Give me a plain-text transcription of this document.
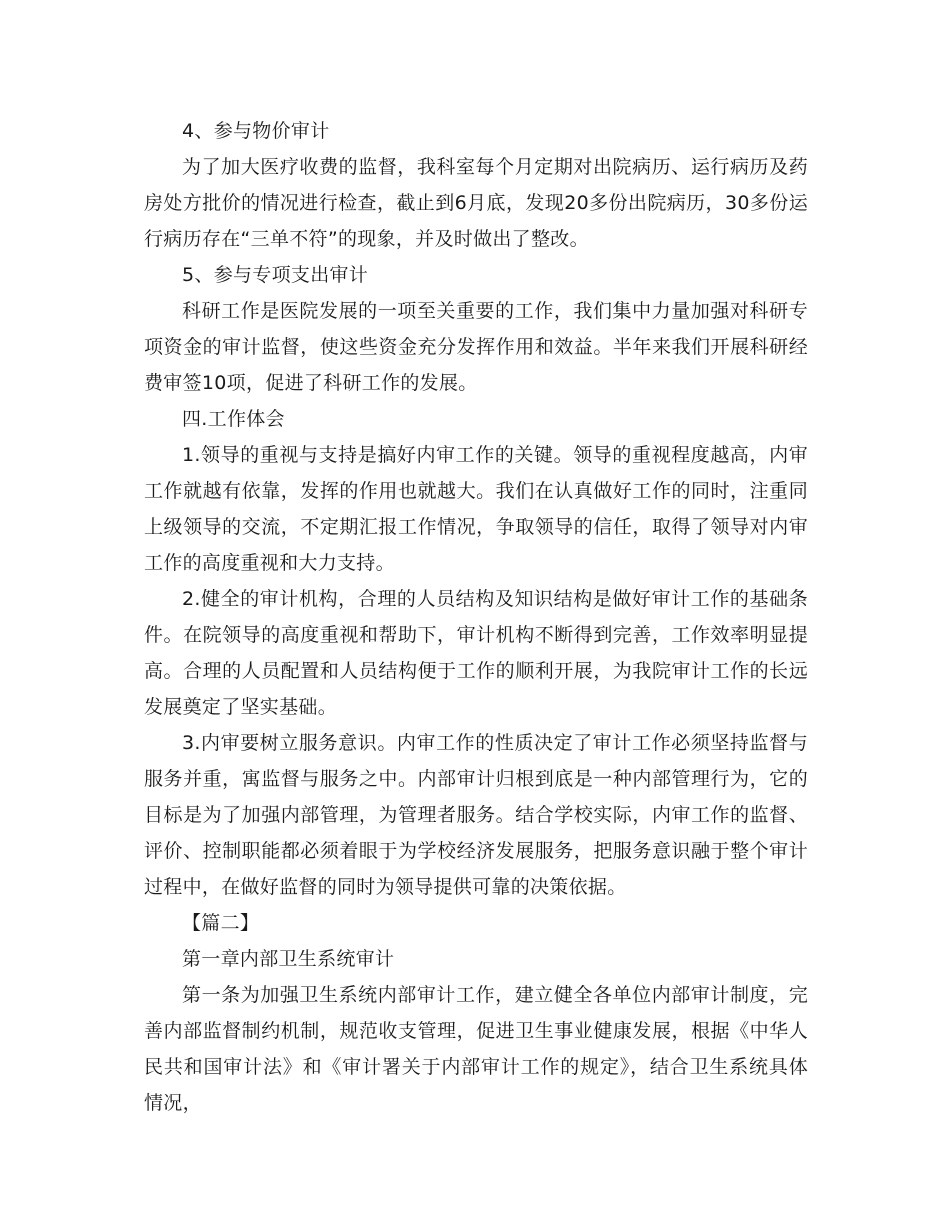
4、参与物价审计

为了加大医疗收费的监督，我科室每个月定期对出院病历、运行病历及药房处方批价的情况进行检查，截止到6月底，发现20多份出院病历，30多份运行病历存在“三单不符”的现象，并及时做出了整改。

5、参与专项支出审计

科研工作是医院发展的一项至关重要的工作，我们集中力量加强对科研专项资金的审计监督，使这些资金充分发挥作用和效益。半年来我们开展科研经费审签10项，促进了科研工作的发展。

四.工作体会

1.领导的重视与支持是搞好内审工作的关键。领导的重视程度越高，内审工作就越有依靠，发挥的作用也就越大。我们在认真做好工作的同时，注重同上级领导的交流，不定期汇报工作情况，争取领导的信任，取得了领导对内审工作的高度重视和大力支持。

2.健全的审计机构，合理的人员结构及知识结构是做好审计工作的基础条件。在院领导的高度重视和帮助下，审计机构不断得到完善，工作效率明显提高。合理的人员配置和人员结构便于工作的顺利开展，为我院审计工作的长远发展奠定了坚实基础。

3.内审要树立服务意识。内审工作的性质决定了审计工作必须坚持监督与服务并重，寓监督与服务之中。内部审计归根到底是一种内部管理行为，它的目标是为了加强内部管理，为管理者服务。结合学校实际，内审工作的监督、评价、控制职能都必须着眼于为学校经济发展服务，把服务意识融于整个审计过程中，在做好监督的同时为领导提供可靠的决策依据。

【篇二】

第一章内部卫生系统审计

第一条为加强卫生系统内部审计工作，建立健全各单位内部审计制度，完善内部监督制约机制，规范收支管理，促进卫生事业健康发展，根据《中华人民共和国审计法》和《审计署关于内部审计工作的规定》，结合卫生系统具体情况，
